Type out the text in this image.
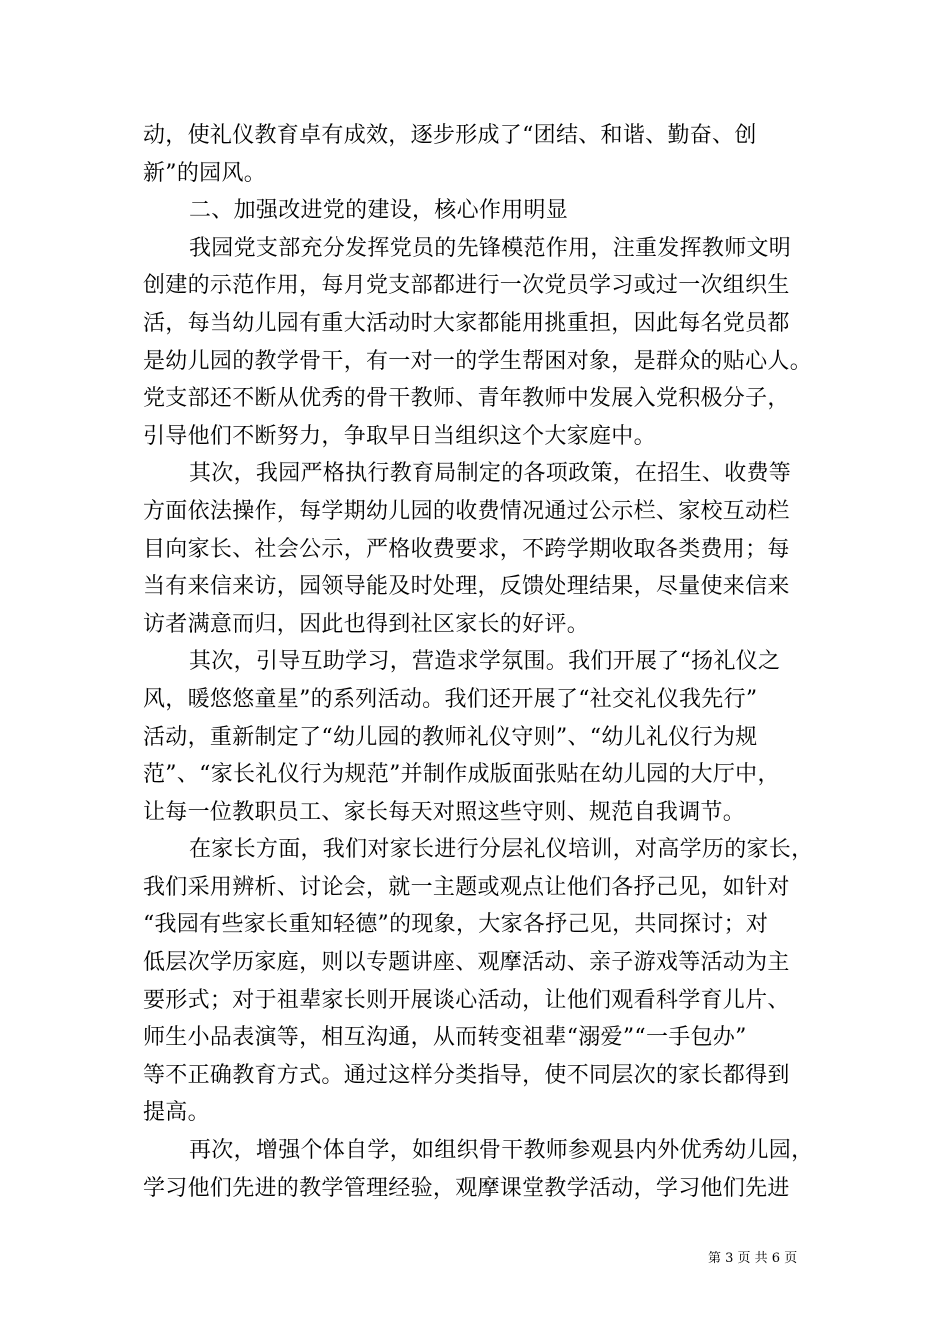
动，使礼仪教育卓有成效，逐步形成了“团结、和谐、勤奋、创
新”的园风。
二、加强改进党的建设，核心作用明显
我园党支部充分发挥党员的先锋模范作用，注重发挥教师文明
创建的示范作用，每月党支部都进行一次党员学习或过一次组织生
活，每当幼儿园有重大活动时大家都能用挑重担，因此每名党员都
是幼儿园的教学骨干，有一对一的学生帮困对象，是群众的贴心人。
党支部还不断从优秀的骨干教师、青年教师中发展入党积极分子，
引导他们不断努力，争取早日当组织这个大家庭中。
其次，我园严格执行教育局制定的各项政策，在招生、收费等
方面依法操作，每学期幼儿园的收费情况通过公示栏、家校互动栏
目向家长、社会公示，严格收费要求，不跨学期收取各类费用；每
当有来信来访，园领导能及时处理，反馈处理结果，尽量使来信来
访者满意而归，因此也得到社区家长的好评。
其次，引导互助学习，营造求学氛围。我们开展了“扬礼仪之
风，暖悠悠童星”的系列活动。我们还开展了“社交礼仪我先行”
活动，重新制定了“幼儿园的教师礼仪守则”、“幼儿礼仪行为规
范”、“家长礼仪行为规范”并制作成版面张贴在幼儿园的大厅中，
让每一位教职员工、家长每天对照这些守则、规范自我调节。
在家长方面，我们对家长进行分层礼仪培训，对高学历的家长，
我们采用辨析、讨论会，就一主题或观点让他们各抒己见，如针对
“我园有些家长重知轻德”的现象，大家各抒己见，共同探讨；对
低层次学历家庭，则以专题讲座、观摩活动、亲子游戏等活动为主
要形式；对于祖辈家长则开展谈心活动，让他们观看科学育儿片、
师生小品表演等，相互沟通，从而转变祖辈“溺爱”“一手包办”
等不正确教育方式。通过这样分类指导，使不同层次的家长都得到
提高。
再次，增强个体自学，如组织骨干教师参观县内外优秀幼儿园，
学习他们先进的教学管理经验，观摩课堂教学活动，学习他们先进
第 3 页 共 6 页
